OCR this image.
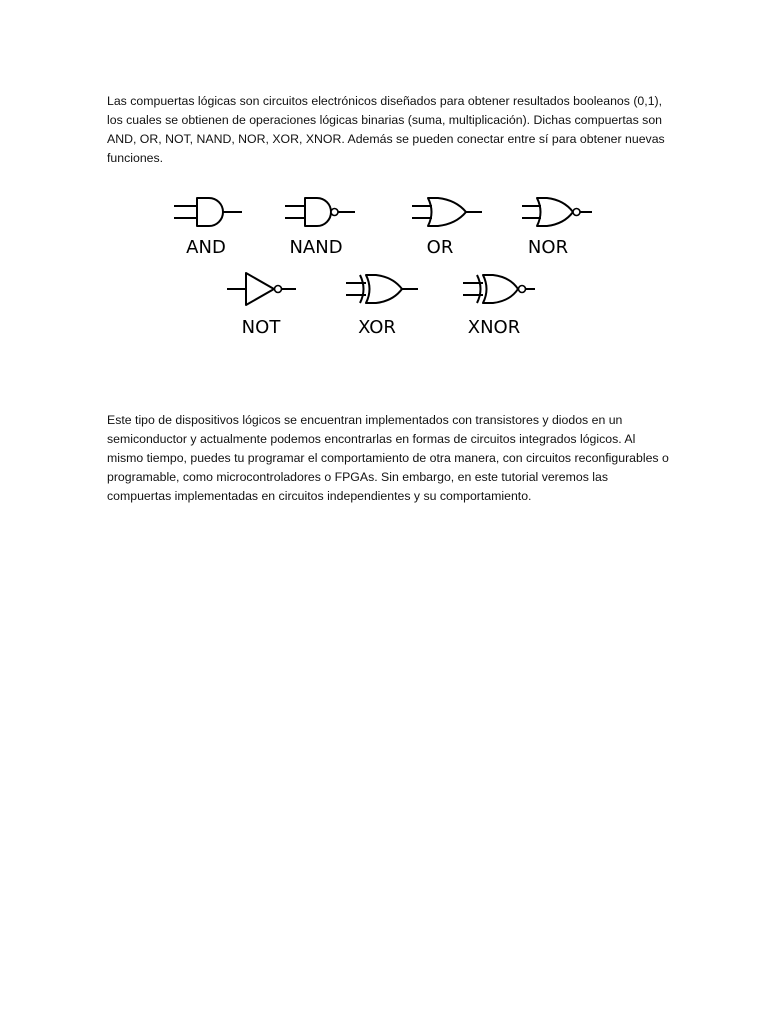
Las compuertas lógicas son circuitos electrónicos diseñados para obtener resultados booleanos (0,1), los cuales se obtienen de operaciones lógicas binarias (suma, multiplicación). Dichas compuertas son AND, OR, NOT, NAND, NOR, XOR, XNOR. Además se pueden conectar entre sí para obtener nuevas funciones.

AND	NAND	OR	NOR
NOT	XOR	XNOR

Este tipo de dispositivos lógicos se encuentran implementados con transistores y diodos en un semiconductor y actualmente podemos encontrarlas en formas de circuitos integrados lógicos. Al mismo tiempo, puedes tu programar el comportamiento de otra manera, con circuitos reconfigurables o programable, como microcontroladores o FPGAs. Sin embargo, en este tutorial veremos las compuertas implementadas en circuitos independientes y su comportamiento.
